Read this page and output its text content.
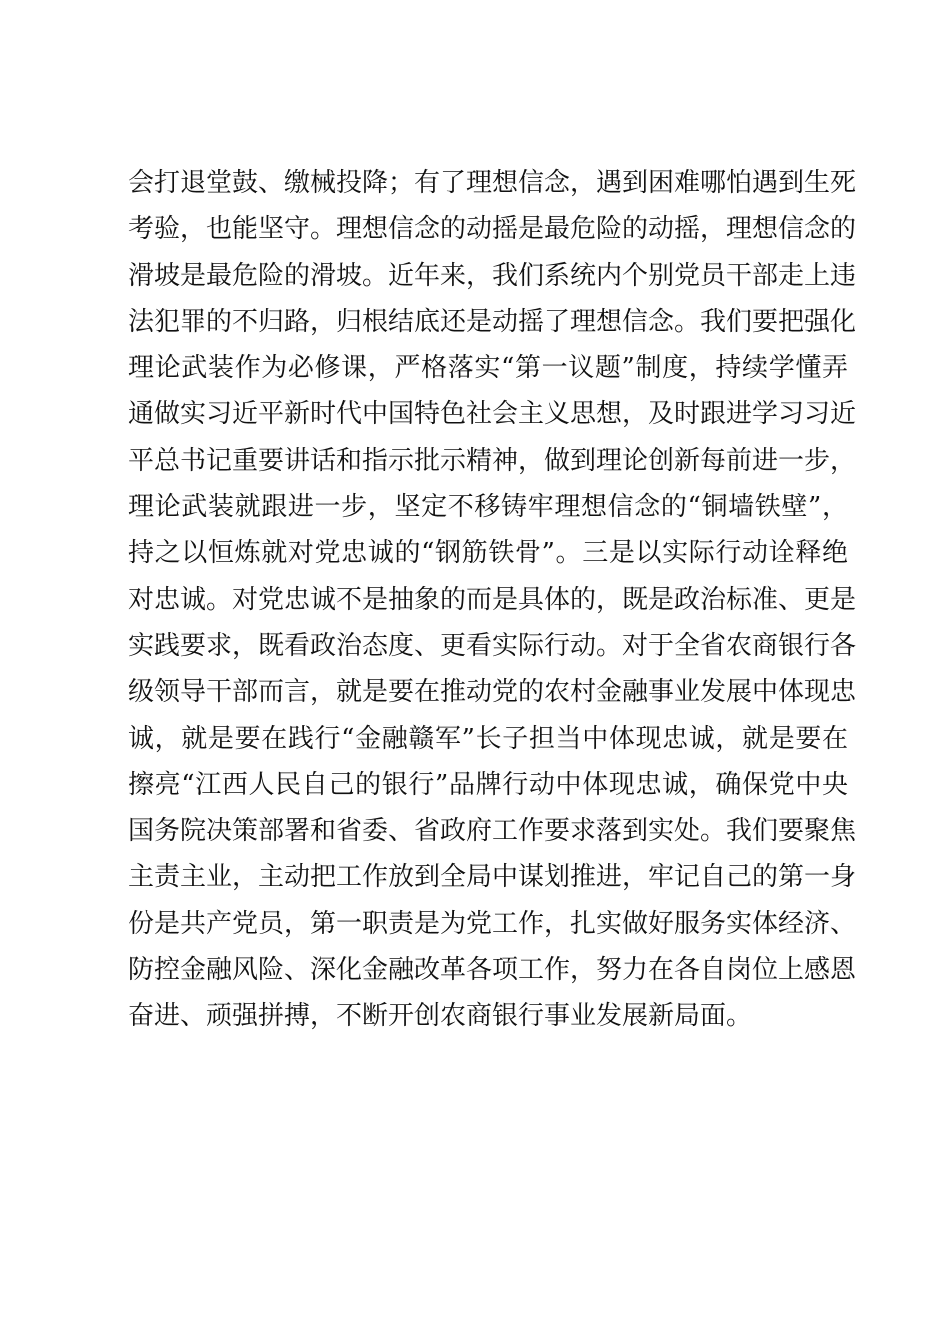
会打退堂鼓、缴械投降；有了理想信念，遇到困难哪怕遇到生死
考验，也能坚守。理想信念的动摇是最危险的动摇，理想信念的
滑坡是最危险的滑坡。近年来，我们系统内个别党员干部走上违
法犯罪的不归路，归根结底还是动摇了理想信念。我们要把强化
理论武装作为必修课，严格落实“第一议题”制度，持续学懂弄
通做实习近平新时代中国特色社会主义思想，及时跟进学习习近
平总书记重要讲话和指示批示精神，做到理论创新每前进一步，
理论武装就跟进一步，坚定不移铸牢理想信念的“铜墙铁壁”，
持之以恒炼就对党忠诚的“钢筋铁骨”。三是以实际行动诠释绝
对忠诚。对党忠诚不是抽象的而是具体的，既是政治标准、更是
实践要求，既看政治态度、更看实际行动。对于全省农商银行各
级领导干部而言，就是要在推动党的农村金融事业发展中体现忠
诚，就是要在践行“金融赣军”长子担当中体现忠诚，就是要在
擦亮“江西人民自己的银行”品牌行动中体现忠诚，确保党中央
国务院决策部署和省委、省政府工作要求落到实处。我们要聚焦
主责主业，主动把工作放到全局中谋划推进，牢记自己的第一身
份是共产党员，第一职责是为党工作，扎实做好服务实体经济、
防控金融风险、深化金融改革各项工作，努力在各自岗位上感恩
奋进、顽强拼搏，不断开创农商银行事业发展新局面。
